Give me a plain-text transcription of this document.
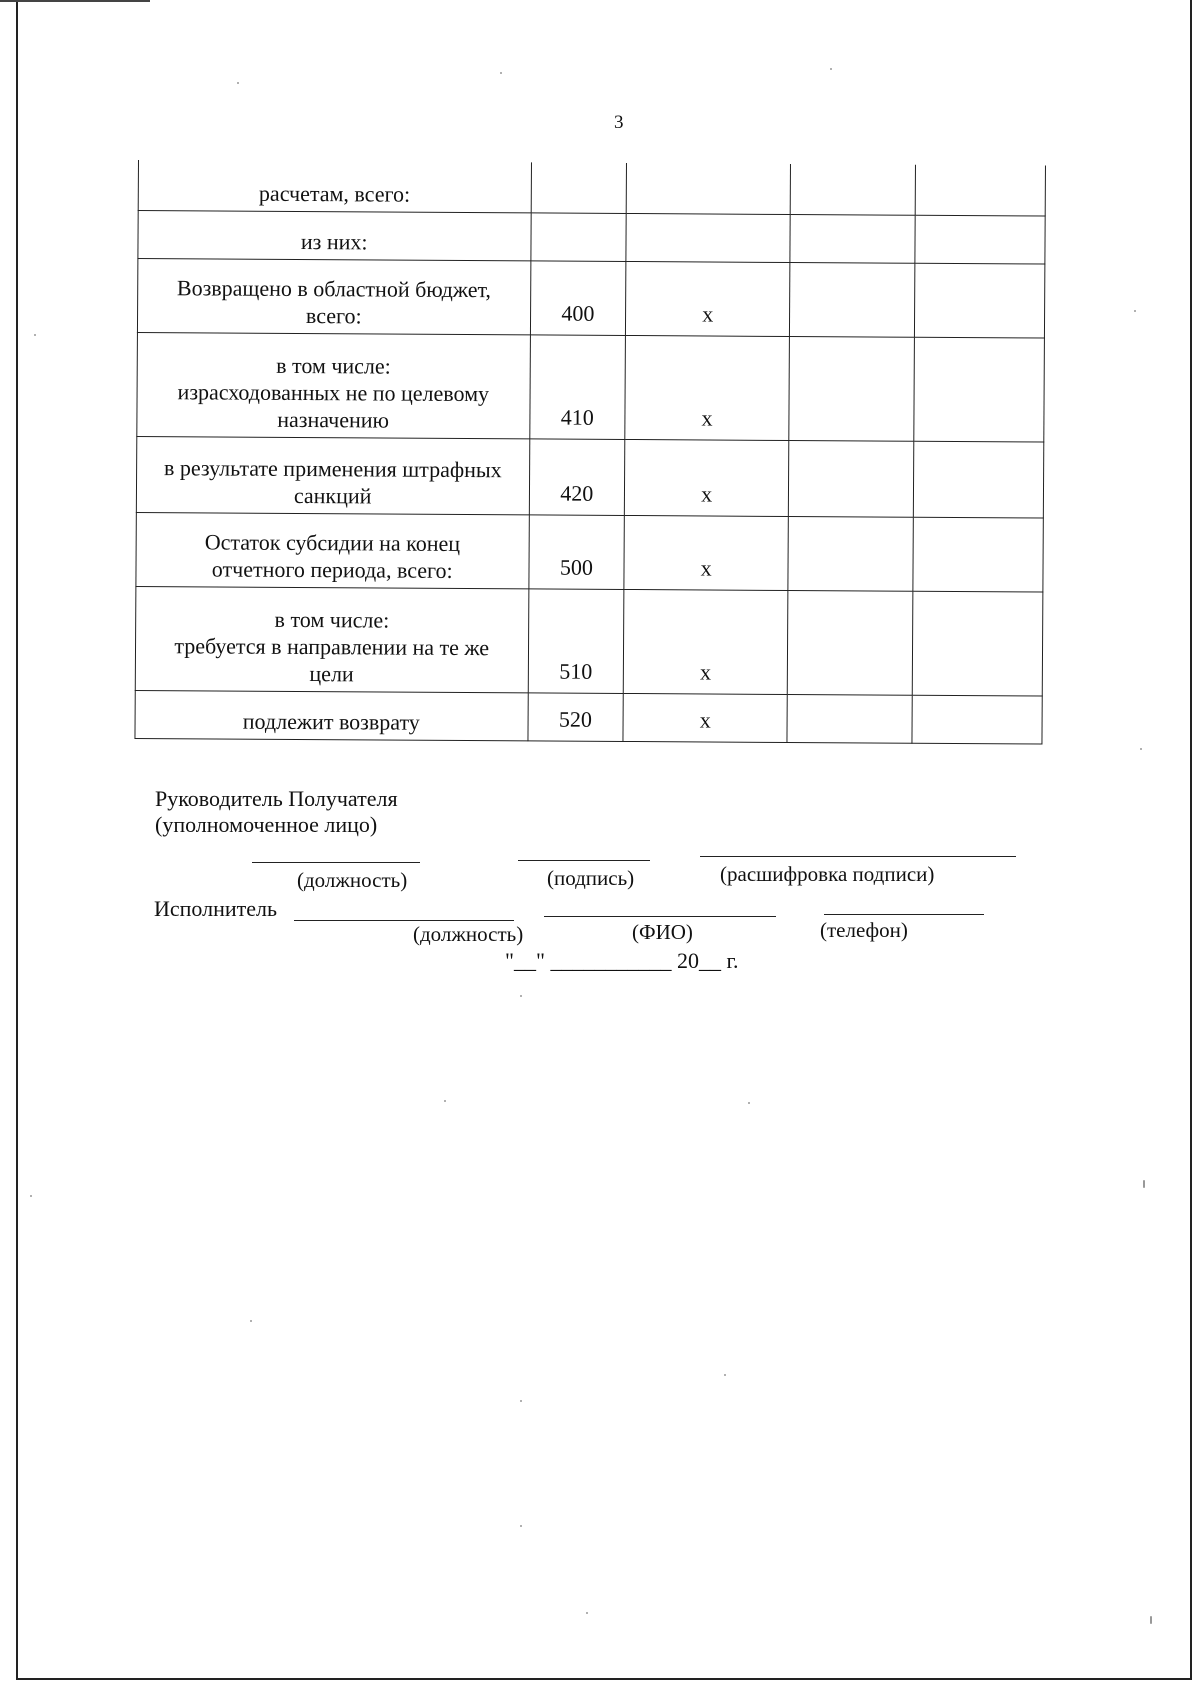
3
расчетам, всего:				

из них:				

Возвращено в областной бюджет,
всего:	400	x		

в том числе:
израсходованных не по целевому
назначению	410	x		

в результате применения штрафных
санкций	420	x		

Остаток субсидии на конец
отчетного периода, всего:	500	x		

в том числе:
требуется в направлении на те же
цели	510	x		

подлежит возврату	520	x		
Руководитель Получателя
(уполномоченное лицо)
(должность)	(подпись)	(расшифровка подписи)
Исполнитель
(должность)	(ФИО)	(телефон)
"__" ___________ 20__ г.
